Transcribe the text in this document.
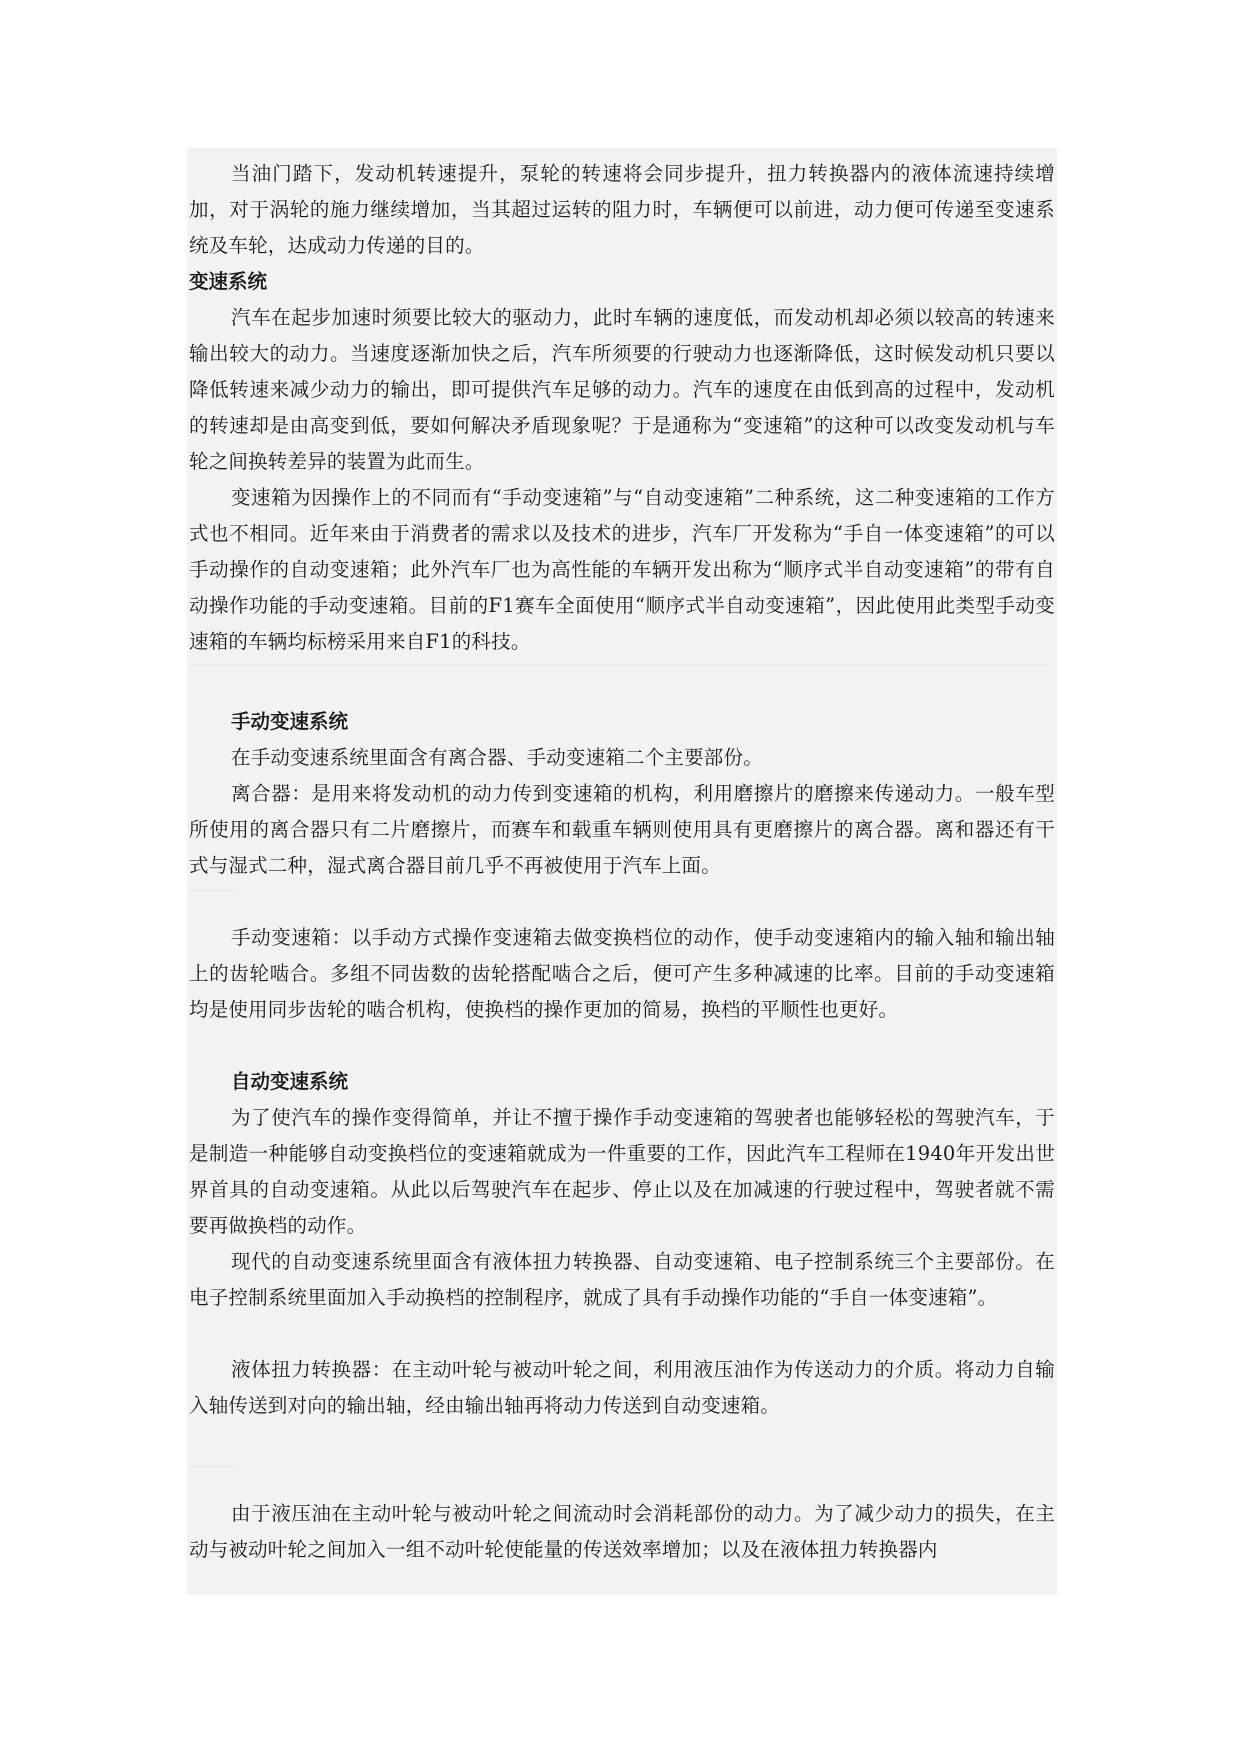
当油门踏下，发动机转速提升，泵轮的转速将会同步提升，扭力转换器内的液体流速持续增加，对于涡轮的施力继续增加，当其超过运转的阻力时，车辆便可以前进，动力便可传递至变速系统及车轮，达成动力传递的目的。

变速系统

汽车在起步加速时须要比较大的驱动力，此时车辆的速度低，而发动机却必须以较高的转速来输出较大的动力。当速度逐渐加快之后，汽车所须要的行驶动力也逐渐降低，这时候发动机只要以降低转速来减少动力的输出，即可提供汽车足够的动力。汽车的速度在由低到高的过程中，发动机的转速却是由高变到低，要如何解决矛盾现象呢？于是通称为“变速箱”的这种可以改变发动机与车轮之间换转差异的装置为此而生。

变速箱为因操作上的不同而有“手动变速箱”与“自动变速箱”二种系统，这二种变速箱的工作方式也不相同。近年来由于消费者的需求以及技术的进步，汽车厂开发称为“手自一体变速箱”的可以手动操作的自动变速箱；此外汽车厂也为高性能的车辆开发出称为“顺序式半自动变速箱”的带有自动操作功能的手动变速箱。目前的F1赛车全面使用“顺序式半自动变速箱”，因此使用此类型手动变速箱的车辆均标榜采用来自F1的科技。

手动变速系统

在手动变速系统里面含有离合器、手动变速箱二个主要部份。

离合器：是用来将发动机的动力传到变速箱的机构，利用磨擦片的磨擦来传递动力。一般车型所使用的离合器只有二片磨擦片，而赛车和载重车辆则使用具有更磨擦片的离合器。离和器还有干式与湿式二种，湿式离合器目前几乎不再被使用于汽车上面。

手动变速箱：以手动方式操作变速箱去做变换档位的动作，使手动变速箱内的输入轴和输出轴上的齿轮啮合。多组不同齿数的齿轮搭配啮合之后，便可产生多种减速的比率。目前的手动变速箱均是使用同步齿轮的啮合机构，使换档的操作更加的简易，换档的平顺性也更好。

自动变速系统

为了使汽车的操作变得简单，并让不擅于操作手动变速箱的驾驶者也能够轻松的驾驶汽车，于是制造一种能够自动变换档位的变速箱就成为一件重要的工作，因此汽车工程师在1940年开发出世界首具的自动变速箱。从此以后驾驶汽车在起步、停止以及在加减速的行驶过程中，驾驶者就不需要再做换档的动作。

现代的自动变速系统里面含有液体扭力转换器、自动变速箱、电子控制系统三个主要部份。在电子控制系统里面加入手动换档的控制程序，就成了具有手动操作功能的“手自一体变速箱”。

液体扭力转换器：在主动叶轮与被动叶轮之间，利用液压油作为传送动力的介质。将动力自输入轴传送到对向的输出轴，经由输出轴再将动力传送到自动变速箱。

由于液压油在主动叶轮与被动叶轮之间流动时会消耗部份的动力。为了减少动力的损失，在主动与被动叶轮之间加入一组不动叶轮使能量的传送效率增加；以及在液体扭力转换器内
